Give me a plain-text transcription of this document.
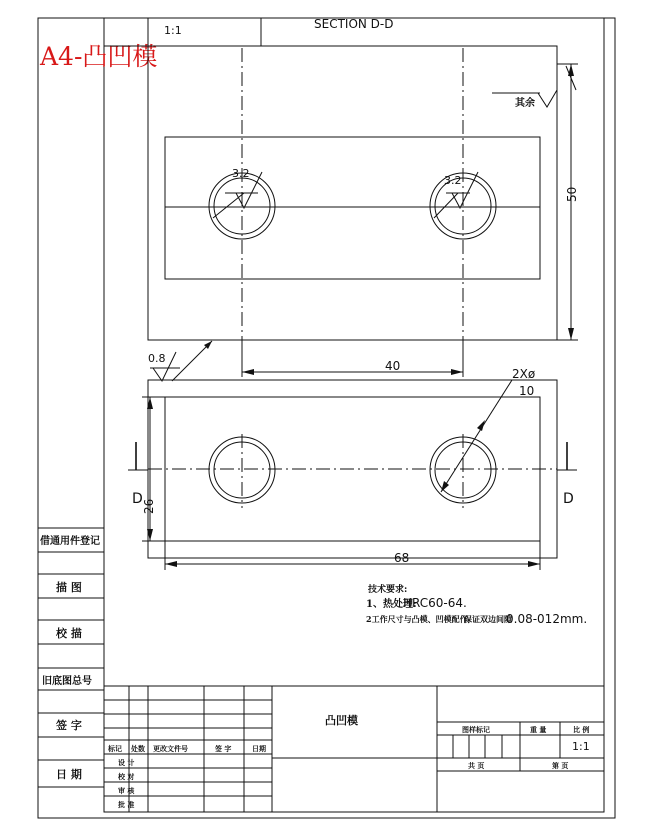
A4-凸凹模
1:1	SECTION D-D
3.2
3.2
其余
50
40
0.8
2Xø
10
D	D
26
68
技术要求:
1、热处理:
HRC60-64.
2工作尺寸与凸模、凹模配作,
保证双边间隙
0.08-012mm.
借通用件登记
描 图
校 描
旧底图总号
签 字
日 期
标记 处数 更改文件号	签 字	日期
设 计
校 对
审 核
批 准
凸凹模
图样标记	重 量	比 例
1:1
共 页	第 页
